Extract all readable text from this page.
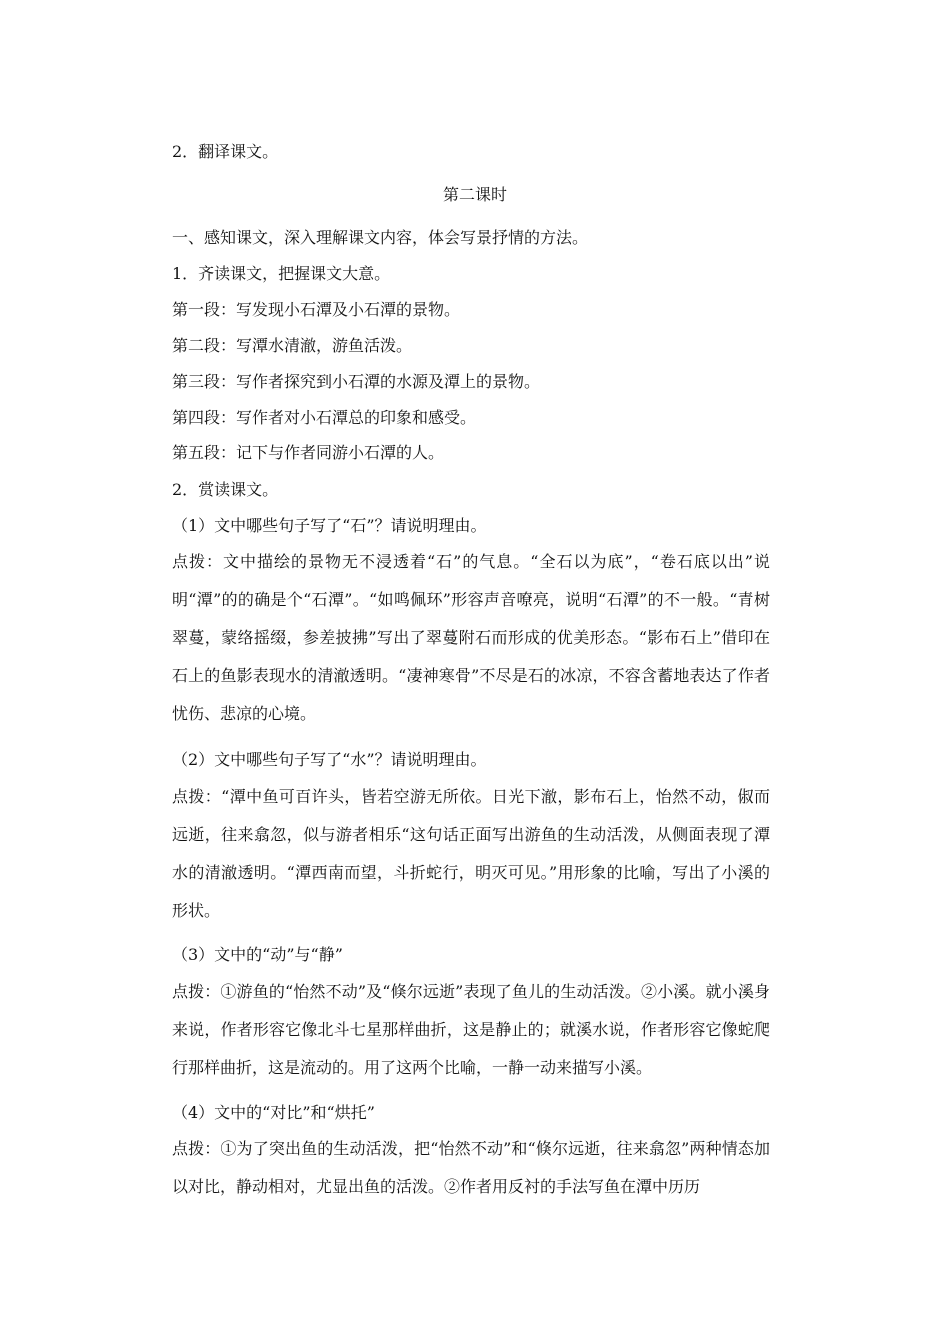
2．翻译课文。
第二课时
一、感知课文，深入理解课文内容，体会写景抒情的方法。
1．齐读课文，把握课文大意。
第一段：写发现小石潭及小石潭的景物。
第二段：写潭水清澈，游鱼活泼。
第三段：写作者探究到小石潭的水源及潭上的景物。
第四段：写作者对小石潭总的印象和感受。
第五段：记下与作者同游小石潭的人。
2．赏读课文。
（1）文中哪些句子写了“石”？请说明理由。
点拨：文中描绘的景物无不浸透着“石”的气息。“全石以为底”，“卷石底以出”说明“潭”的的确是个“石潭”。“如鸣佩环”形容声音嘹亮，说明“石潭”的不一般。“青树翠蔓，蒙络摇缀，参差披拂”写出了翠蔓附石而形成的优美形态。“影布石上”借印在石上的鱼影表现水的清澈透明。“凄神寒骨”不尽是石的冰凉，不容含蓄地表达了作者忧伤、悲凉的心境。
（2）文中哪些句子写了“水”？请说明理由。
点拨：“潭中鱼可百许头，皆若空游无所依。日光下澈，影布石上，怡然不动，俶而远逝，往来翕忽，似与游者相乐“这句话正面写出游鱼的生动活泼，从侧面表现了潭水的清澈透明。“潭西南而望，斗折蛇行，明灭可见。”用形象的比喻，写出了小溪的形状。
（3）文中的“动”与“静”
点拨：①游鱼的“怡然不动”及“倏尔远逝”表现了鱼儿的生动活泼。②小溪。就小溪身来说，作者形容它像北斗七星那样曲折，这是静止的；就溪水说，作者形容它像蛇爬行那样曲折，这是流动的。用了这两个比喻，一静一动来描写小溪。
（4）文中的“对比”和“烘托”
点拨：①为了突出鱼的生动活泼，把“怡然不动”和“倏尔远逝，往来翕忽”两种情态加以对比，静动相对，尤显出鱼的活泼。②作者用反衬的手法写鱼在潭中历历
